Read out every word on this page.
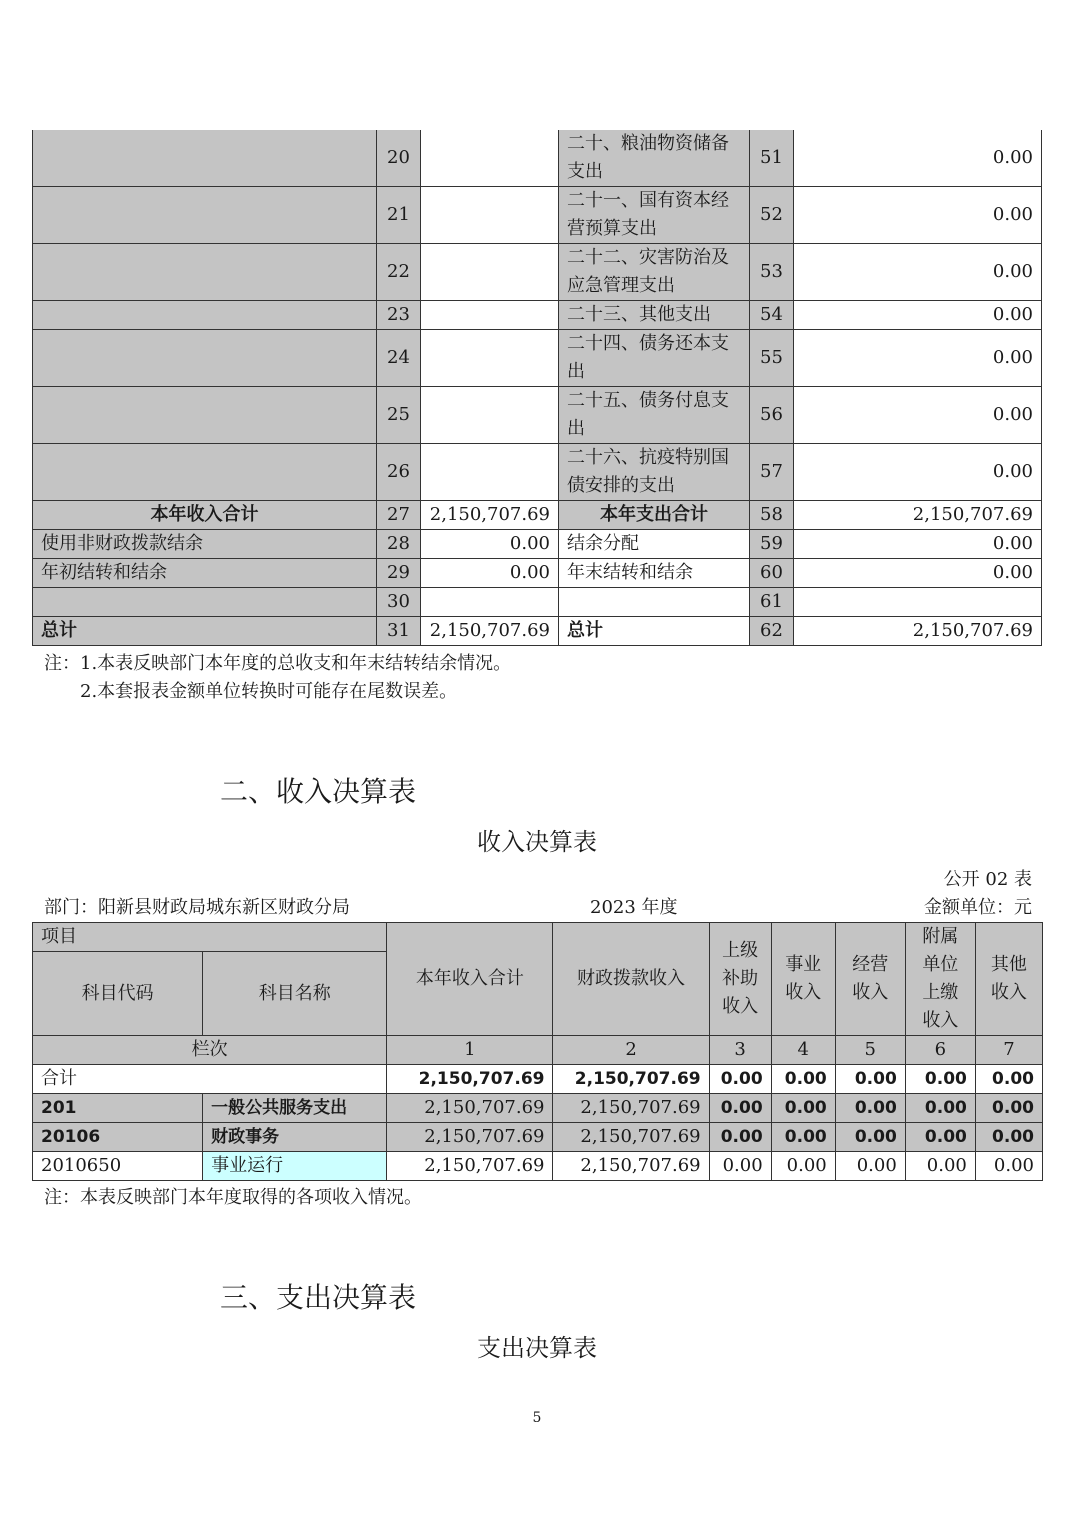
	20		二十、粮油物资储备支出	51	0.00
	21		二十一、国有资本经营预算支出	52	0.00
	22		二十二、灾害防治及应急管理支出	53	0.00
	23		二十三、其他支出	54	0.00
	24		二十四、债务还本支出	55	0.00
	25		二十五、债务付息支出	56	0.00
	26		二十六、抗疫特别国债安排的支出	57	0.00
本年收入合计	27	2,150,707.69	本年支出合计	58	2,150,707.69
使用非财政拨款结余	28	0.00	结余分配	59	0.00
年初结转和结余	29	0.00	年末结转和结余	60	0.00
	30			61	
总计	31	2,150,707.69	总计	62	2,150,707.69
注：1.本表反映部门本年度的总收支和年末结转结余情况。
2.本套报表金额单位转换时可能存在尾数误差。
二、收入决算表
收入决算表
公开 02 表
部门：阳新县财政局城东新区财政分局	2023 年度	金额单位：元
项目		本年收入合计	财政拨款收入	上级补助收入	事业收入	经营收入	附属单位上缴收入	其他收入

科目代码	科目名称							
栏次		1	2	3	4	5	6	7
合计		2,150,707.69	2,150,707.69	0.00	0.00	0.00	0.00	0.00
201	一般公共服务支出	2,150,707.69	2,150,707.69	0.00	0.00	0.00	0.00	0.00
20106	财政事务	2,150,707.69	2,150,707.69	0.00	0.00	0.00	0.00	0.00
2010650	事业运行	2,150,707.69	2,150,707.69	0.00	0.00	0.00	0.00	0.00
注：本表反映部门本年度取得的各项收入情况。
三、支出决算表
支出决算表
5
